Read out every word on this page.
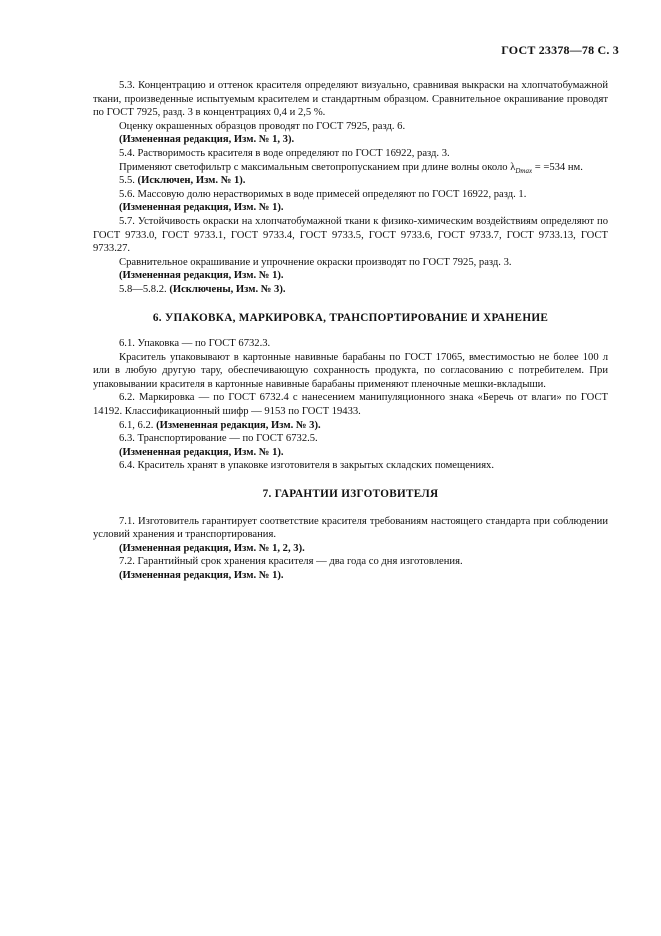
ГОСТ 23378—78 С. 3

5.3. Концентрацию и оттенок красителя определяют визуально, сравнивая выкраски на хлопчатобумажной ткани, произведенные испытуемым красителем и стандартным образцом. Сравнительное окрашивание проводят по ГОСТ 7925, разд. 3 в концентрациях 0,4 и 2,5 %.

Оценку окрашенных образцов проводят по ГОСТ 7925, разд. 6.

(Измененная редакция, Изм. № 1, 3).

5.4. Растворимость красителя в воде определяют по ГОСТ 16922, разд. 3.

Применяют светофильтр с максимальным светопропусканием при длине волны около $\lambda_{Dmax} = =534$ нм.

5.5. (Исключен, Изм. № 1).

5.6. Массовую долю нерастворимых в воде примесей определяют по ГОСТ 16922, разд. 1.

(Измененная редакция, Изм. № 1).

5.7. Устойчивость окраски на хлопчатобумажной ткани к физико-химическим воздействиям определяют по ГОСТ 9733.0, ГОСТ 9733.1, ГОСТ 9733.4, ГОСТ 9733.5, ГОСТ 9733.6, ГОСТ 9733.7, ГОСТ 9733.13, ГОСТ 9733.27.

Сравнительное окрашивание и упрочнение окраски производят по ГОСТ 7925, разд. 3.

(Измененная редакция, Изм. № 1).

5.8—5.8.2. (Исключены, Изм. № 3).

6. УПАКОВКА, МАРКИРОВКА, ТРАНСПОРТИРОВАНИЕ И ХРАНЕНИЕ

6.1. Упаковка — по ГОСТ 6732.3.

Краситель упаковывают в картонные навивные барабаны по ГОСТ 17065, вместимостью не более 100 л или в любую другую тару, обеспечивающую сохранность продукта, по согласованию с потребителем. При упаковывании красителя в картонные навивные барабаны применяют пленочные мешки-вкладыши.

6.2. Маркировка — по ГОСТ 6732.4 с нанесением манипуляционного знака «Беречь от влаги» по ГОСТ 14192. Классификационный шифр — 9153 по ГОСТ 19433.

6.1, 6.2. (Измененная редакция, Изм. № 3).

6.3. Транспортирование — по ГОСТ 6732.5.

(Измененная редакция, Изм. № 1).

6.4. Краситель хранят в упаковке изготовителя в закрытых складских помещениях.

7. ГАРАНТИИ ИЗГОТОВИТЕЛЯ

7.1. Изготовитель гарантирует соответствие красителя требованиям настоящего стандарта при соблюдении условий хранения и транспортирования.

(Измененная редакция, Изм. № 1, 2, 3).

7.2. Гарантийный срок хранения красителя — два года со дня изготовления.

(Измененная редакция, Изм. № 1).
